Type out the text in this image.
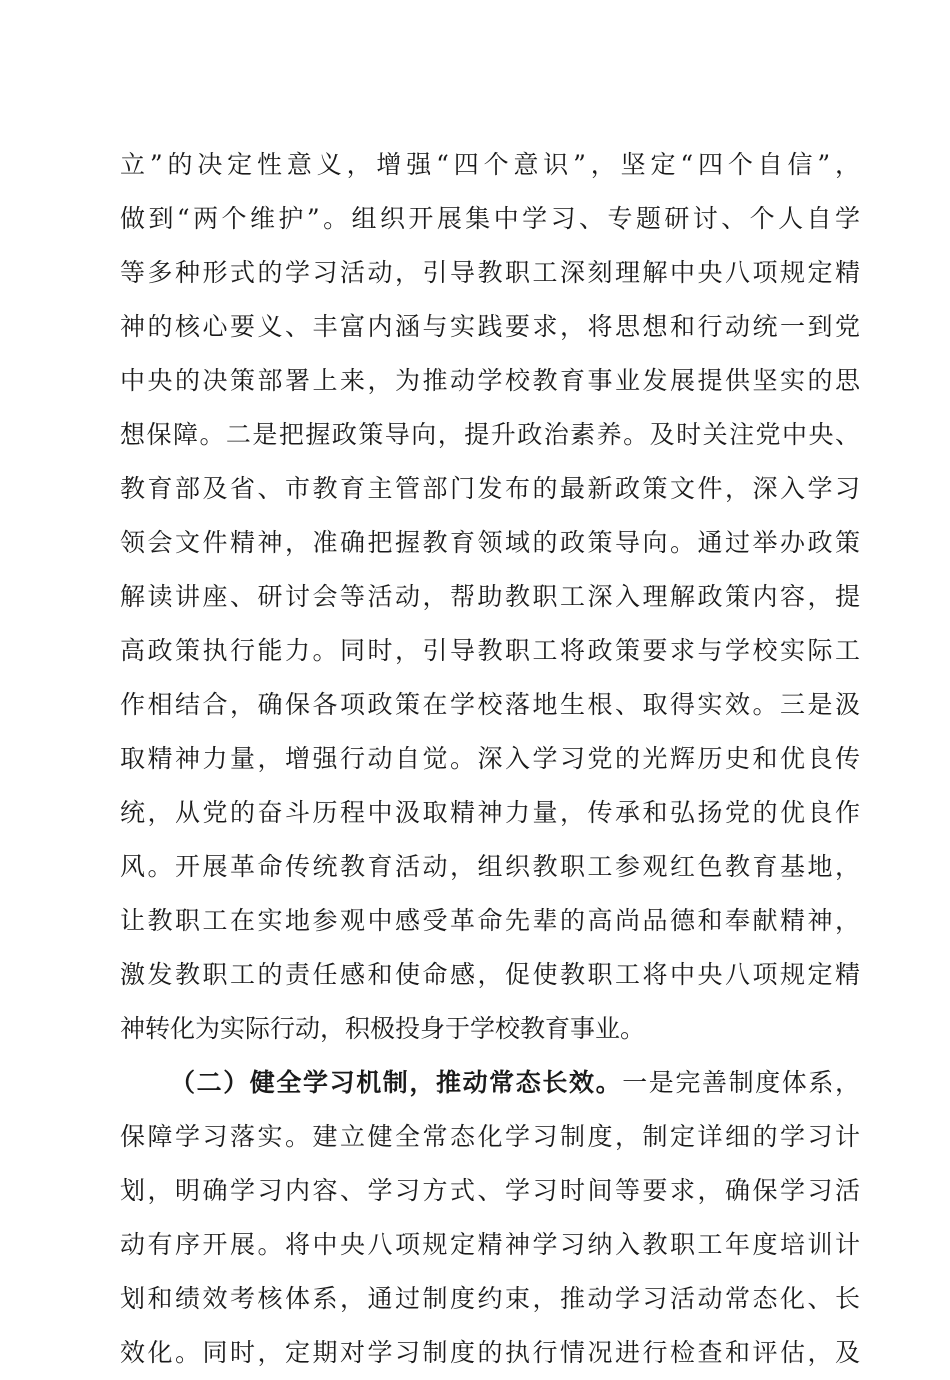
立”的决定性意义，增强“四个意识”，坚定“四个自信”，
做到“两个维护”。组织开展集中学习、专题研讨、个人自学
等多种形式的学习活动，引导教职工深刻理解中央八项规定精
神的核心要义、丰富内涵与实践要求，将思想和行动统一到党
中央的决策部署上来，为推动学校教育事业发展提供坚实的思
想保障。二是把握政策导向，提升政治素养。及时关注党中央、
教育部及省、市教育主管部门发布的最新政策文件，深入学习
领会文件精神，准确把握教育领域的政策导向。通过举办政策
解读讲座、研讨会等活动，帮助教职工深入理解政策内容，提
高政策执行能力。同时，引导教职工将政策要求与学校实际工
作相结合，确保各项政策在学校落地生根、取得实效。三是汲
取精神力量，增强行动自觉。深入学习党的光辉历史和优良传
统，从党的奋斗历程中汲取精神力量，传承和弘扬党的优良作
风。开展革命传统教育活动，组织教职工参观红色教育基地，
让教职工在实地参观中感受革命先辈的高尚品德和奉献精神，
激发教职工的责任感和使命感，促使教职工将中央八项规定精
神转化为实际行动，积极投身于学校教育事业。
（二）健全学习机制，推动常态长效。一是完善制度体系，
保障学习落实。建立健全常态化学习制度，制定详细的学习计
划，明确学习内容、学习方式、学习时间等要求，确保学习活
动有序开展。将中央八项规定精神学习纳入教职工年度培训计
划和绩效考核体系，通过制度约束，推动学习活动常态化、长
效化。同时，定期对学习制度的执行情况进行检查和评估，及
